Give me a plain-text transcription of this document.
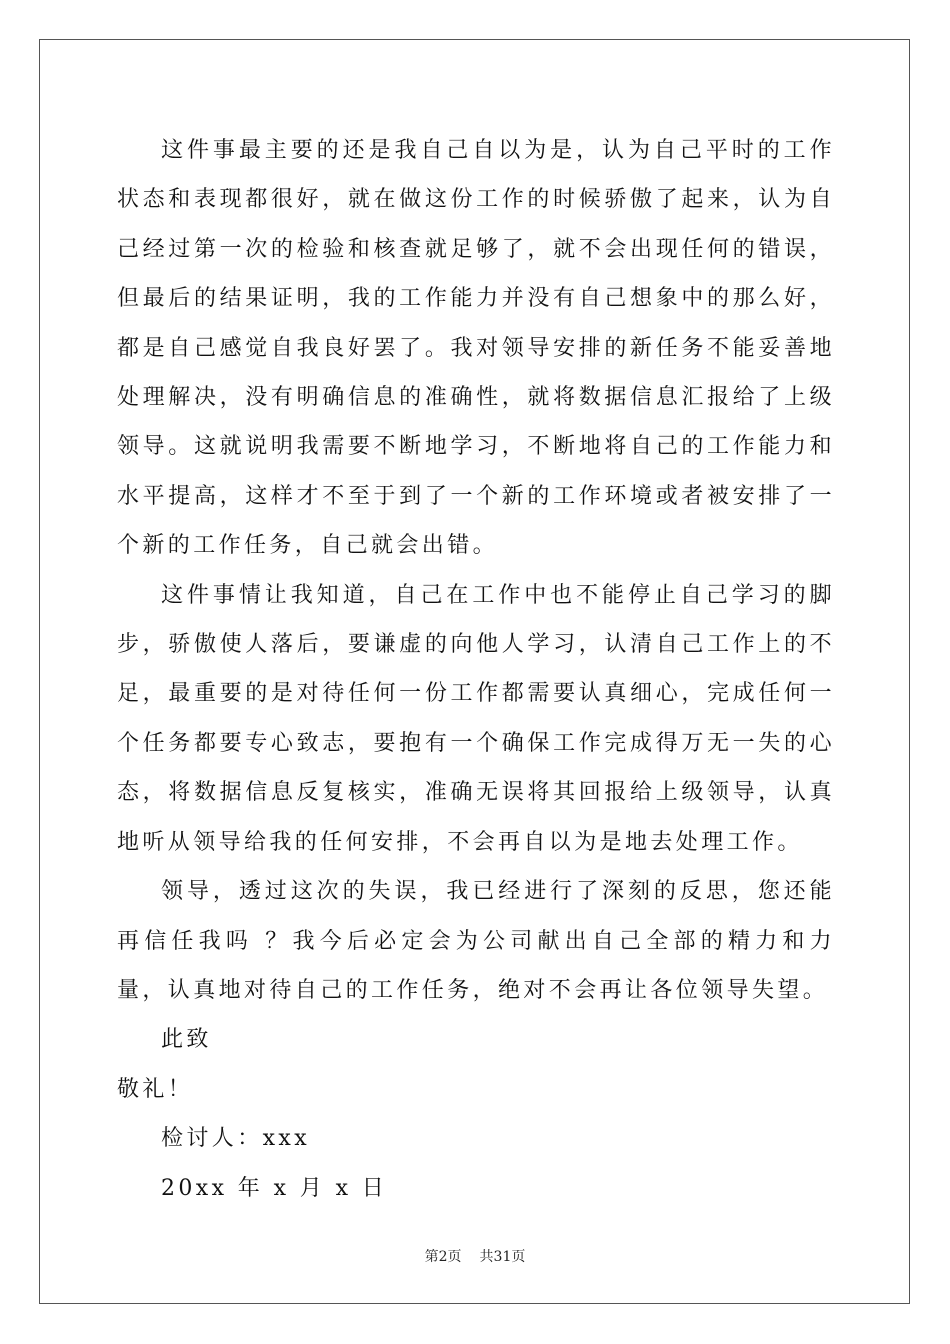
这件事最主要的还是我自己自以为是，认为自己平时的工作状态和表现都很好，就在做这份工作的时候骄傲了起来，认为自己经过第一次的检验和核查就足够了，就不会出现任何的错误，但最后的结果证明，我的工作能力并没有自己想象中的那么好，都是自己感觉自我良好罢了。我对领导安排的新任务不能妥善地处理解决，没有明确信息的准确性，就将数据信息汇报给了上级领导。这就说明我需要不断地学习，不断地将自己的工作能力和水平提高，这样才不至于到了一个新的工作环境或者被安排了一个新的工作任务，自己就会出错。

这件事情让我知道，自己在工作中也不能停止自己学习的脚步，骄傲使人落后，要谦虚的向他人学习，认清自己工作上的不足，最重要的是对待任何一份工作都需要认真细心，完成任何一个任务都要专心致志，要抱有一个确保工作完成得万无一失的心态，将数据信息反复核实，准确无误将其回报给上级领导，认真地听从领导给我的任何安排，不会再自以为是地去处理工作。

领导，透过这次的失误，我已经进行了深刻的反思，您还能再信任我吗 ？我今后必定会为公司献出自己全部的精力和力量，认真地对待自己的工作任务，绝对不会再让各位领导失望。

此致

敬礼！

检讨人：xxx

20xx 年 x 月 x 日

第2页 共31页
